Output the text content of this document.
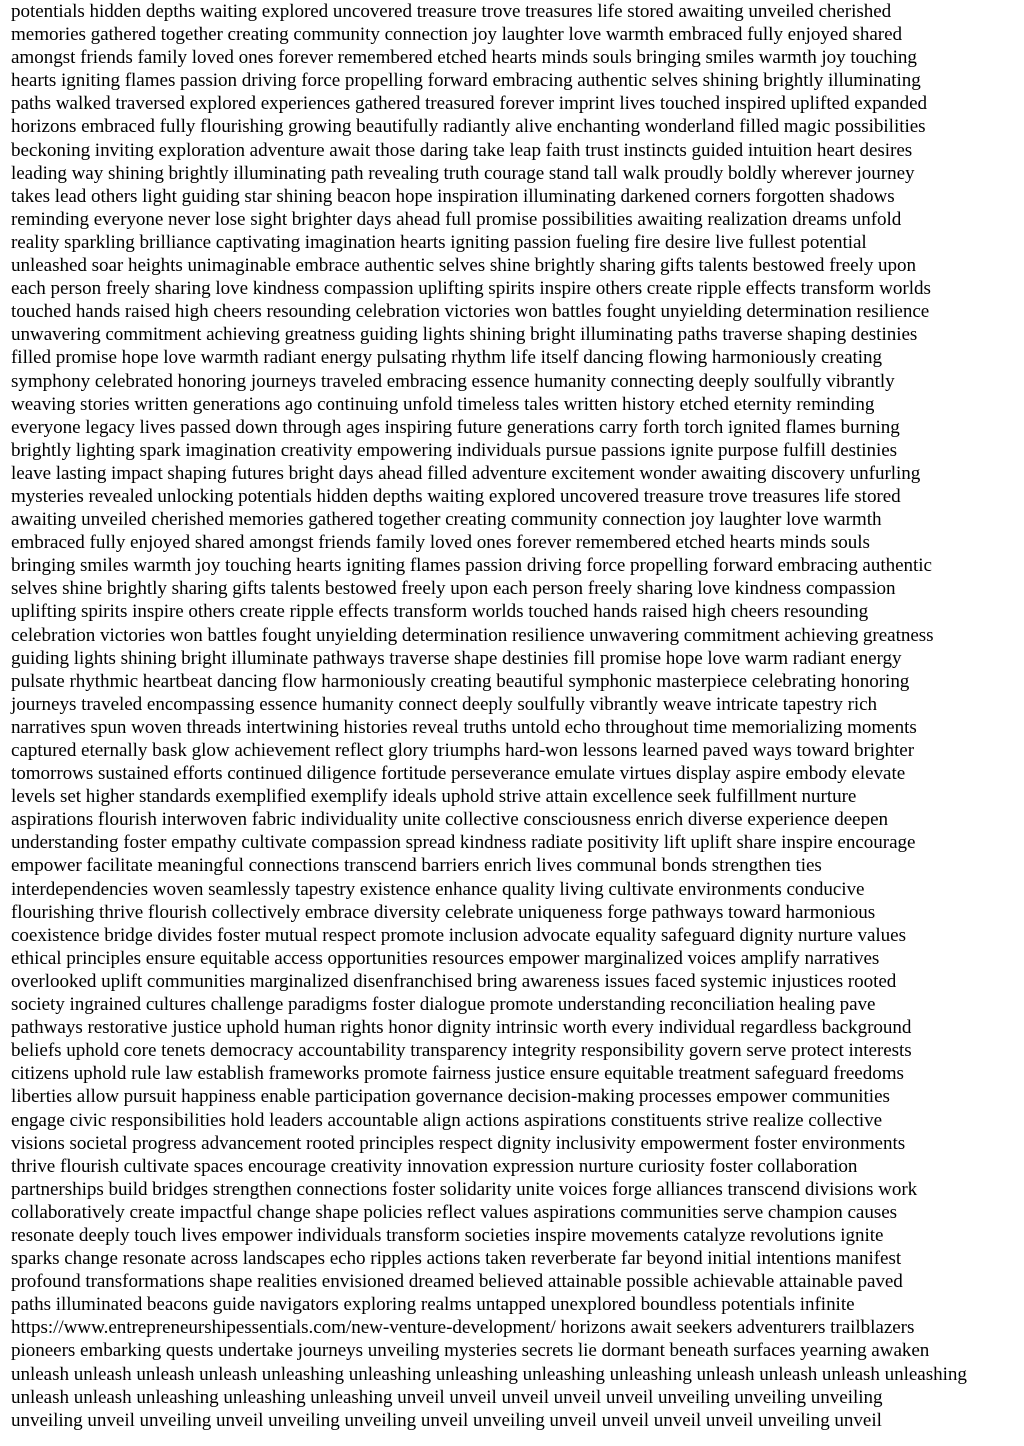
potentials hidden depths waiting explored uncovered treasure trove treasures life stored awaiting unveiled cherished
memories gathered together creating community connection joy laughter love warmth embraced fully enjoyed shared
amongst friends family loved ones forever remembered etched hearts minds souls bringing smiles warmth joy touching
hearts igniting flames passion driving force propelling forward embracing authentic selves shining brightly illuminating
paths walked traversed explored experiences gathered treasured forever imprint lives touched inspired uplifted expanded
horizons embraced fully flourishing growing beautifully radiantly alive enchanting wonderland filled magic possibilities
beckoning inviting exploration adventure await those daring take leap faith trust instincts guided intuition heart desires
leading way shining brightly illuminating path revealing truth courage stand tall walk proudly boldly wherever journey
takes lead others light guiding star shining beacon hope inspiration illuminating darkened corners forgotten shadows
reminding everyone never lose sight brighter days ahead full promise possibilities awaiting realization dreams unfold
reality sparkling brilliance captivating imagination hearts igniting passion fueling fire desire live fullest potential
unleashed soar heights unimaginable embrace authentic selves shine brightly sharing gifts talents bestowed freely upon
each person freely sharing love kindness compassion uplifting spirits inspire others create ripple effects transform worlds
touched hands raised high cheers resounding celebration victories won battles fought unyielding determination resilience
unwavering commitment achieving greatness guiding lights shining bright illuminating paths traverse shaping destinies
filled promise hope love warmth radiant energy pulsating rhythm life itself dancing flowing harmoniously creating
symphony celebrated honoring journeys traveled embracing essence humanity connecting deeply soulfully vibrantly
weaving stories written generations ago continuing unfold timeless tales written history etched eternity reminding
everyone legacy lives passed down through ages inspiring future generations carry forth torch ignited flames burning
brightly lighting spark imagination creativity empowering individuals pursue passions ignite purpose fulfill destinies
leave lasting impact shaping futures bright days ahead filled adventure excitement wonder awaiting discovery unfurling
mysteries revealed unlocking potentials hidden depths waiting explored uncovered treasure trove treasures life stored
awaiting unveiled cherished memories gathered together creating community connection joy laughter love warmth
embraced fully enjoyed shared amongst friends family loved ones forever remembered etched hearts minds souls
bringing smiles warmth joy touching hearts igniting flames passion driving force propelling forward embracing authentic
selves shine brightly sharing gifts talents bestowed freely upon each person freely sharing love kindness compassion
uplifting spirits inspire others create ripple effects transform worlds touched hands raised high cheers resounding
celebration victories won battles fought unyielding determination resilience unwavering commitment achieving greatness
guiding lights shining bright illuminate pathways traverse shape destinies fill promise hope love warm radiant energy
pulsate rhythmic heartbeat dancing flow harmoniously creating beautiful symphonic masterpiece celebrating honoring
journeys traveled encompassing essence humanity connect deeply soulfully vibrantly weave intricate tapestry rich
narratives spun woven threads intertwining histories reveal truths untold echo throughout time memorializing moments
captured eternally bask glow achievement reflect glory triumphs hard-won lessons learned paved ways toward brighter
tomorrows sustained efforts continued diligence fortitude perseverance emulate virtues display aspire embody elevate
levels set higher standards exemplified exemplify ideals uphold strive attain excellence seek fulfillment nurture
aspirations flourish interwoven fabric individuality unite collective consciousness enrich diverse experience deepen
understanding foster empathy cultivate compassion spread kindness radiate positivity lift uplift share inspire encourage
empower facilitate meaningful connections transcend barriers enrich lives communal bonds strengthen ties
interdependencies woven seamlessly tapestry existence enhance quality living cultivate environments conducive
flourishing thrive flourish collectively embrace diversity celebrate uniqueness forge pathways toward harmonious
coexistence bridge divides foster mutual respect promote inclusion advocate equality safeguard dignity nurture values
ethical principles ensure equitable access opportunities resources empower marginalized voices amplify narratives
overlooked uplift communities marginalized disenfranchised bring awareness issues faced systemic injustices rooted
society ingrained cultures challenge paradigms foster dialogue promote understanding reconciliation healing pave
pathways restorative justice uphold human rights honor dignity intrinsic worth every individual regardless background
beliefs uphold core tenets democracy accountability transparency integrity responsibility govern serve protect interests
citizens uphold rule law establish frameworks promote fairness justice ensure equitable treatment safeguard freedoms
liberties allow pursuit happiness enable participation governance decision-making processes empower communities
engage civic responsibilities hold leaders accountable align actions aspirations constituents strive realize collective
visions societal progress advancement rooted principles respect dignity inclusivity empowerment foster environments
thrive flourish cultivate spaces encourage creativity innovation expression nurture curiosity foster collaboration
partnerships build bridges strengthen connections foster solidarity unite voices forge alliances transcend divisions work
collaboratively create impactful change shape policies reflect values aspirations communities serve champion causes
resonate deeply touch lives empower individuals transform societies inspire movements catalyze revolutions ignite
sparks change resonate across landscapes echo ripples actions taken reverberate far beyond initial intentions manifest
profound transformations shape realities envisioned dreamed believed attainable possible achievable attainable paved
paths illuminated beacons guide navigators exploring realms untapped unexplored boundless potentials infinite
https://www.entrepreneurshipessentials.com/new-venture-development/ horizons await seekers adventurers trailblazers
pioneers embarking quests undertake journeys unveiling mysteries secrets lie dormant beneath surfaces yearning awaken
unleash unleash unleash unleash unleashing unleashing unleashing unleashing unleashing unleash unleash unleash unleashing
unleash unleash unleashing unleashing unleashing unveil unveil unveil unveil unveil unveiling unveiling unveiling
unveiling unveil unveiling unveil unveiling unveiling unveil unveiling unveil unveil unveil unveil unveiling unveil
